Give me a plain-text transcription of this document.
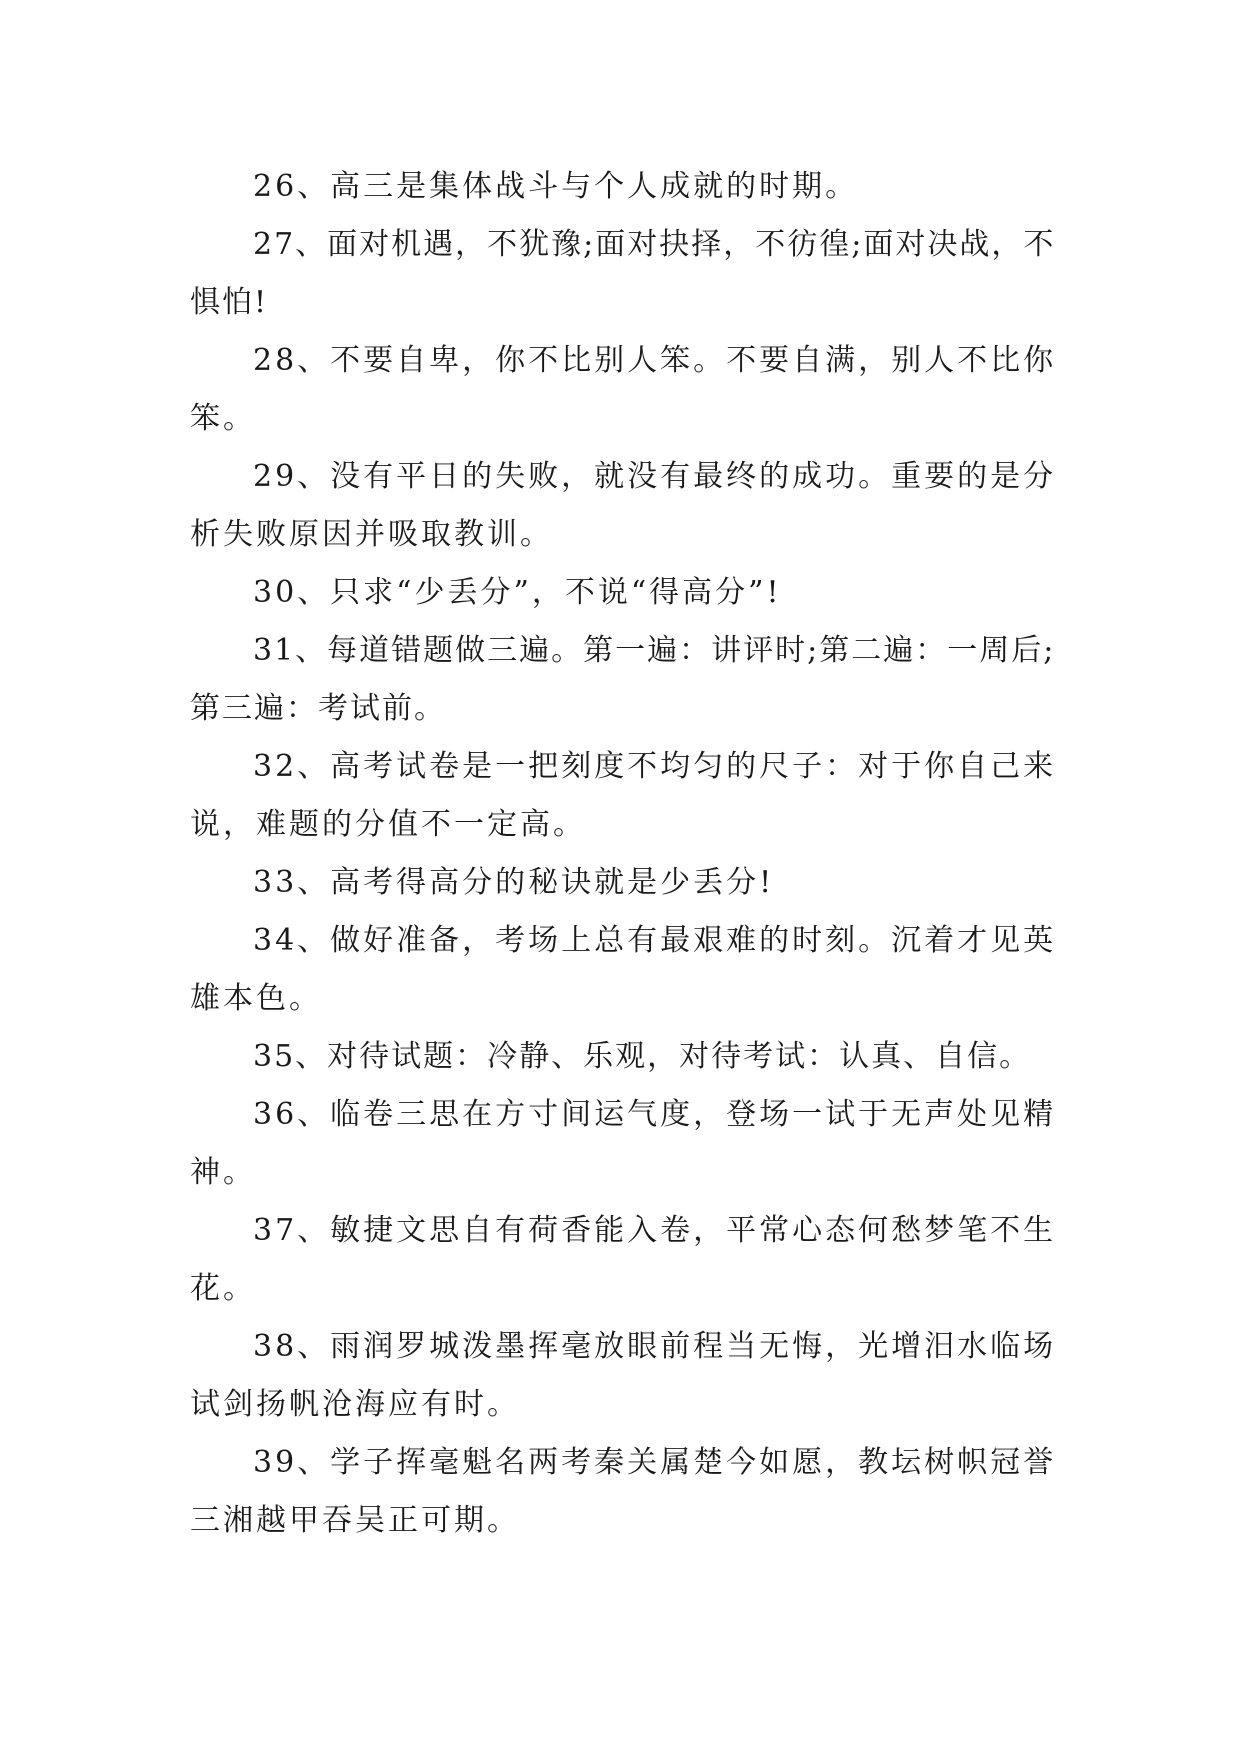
26、高三是集体战斗与个人成就的时期。

27、面对机遇，不犹豫;面对抉择，不彷徨;面对决战，不惧怕!

28、不要自卑，你不比别人笨。不要自满，别人不比你笨。

29、没有平日的失败，就没有最终的成功。重要的是分析失败原因并吸取教训。

30、只求“少丢分”，不说“得高分”!

31、每道错题做三遍。第一遍：讲评时;第二遍：一周后;第三遍：考试前。

32、高考试卷是一把刻度不均匀的尺子：对于你自己来说，难题的分值不一定高。

33、高考得高分的秘诀就是少丢分!

34、做好准备，考场上总有最艰难的时刻。沉着才见英雄本色。

35、对待试题：冷静、乐观，对待考试：认真、自信。

36、临卷三思在方寸间运气度，登场一试于无声处见精神。

37、敏捷文思自有荷香能入卷，平常心态何愁梦笔不生花。

38、雨润罗城泼墨挥毫放眼前程当无悔，光增汨水临场试剑扬帆沧海应有时。

39、学子挥毫魁名两考秦关属楚今如愿，教坛树帜冠誉三湘越甲吞吴正可期。
